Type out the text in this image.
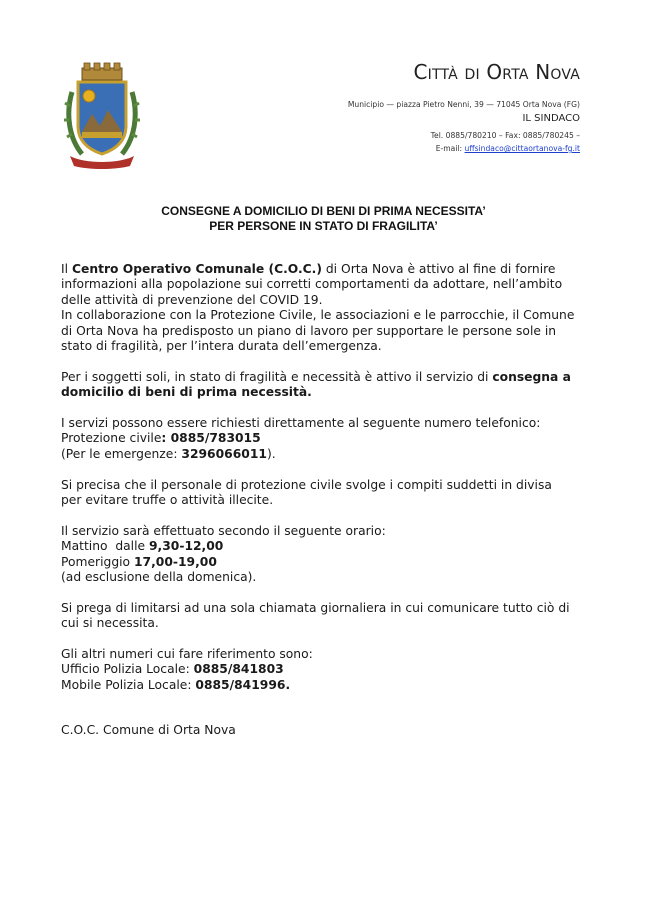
Città di Orta Nova
Municipio — piazza Pietro Nenni, 39 — 71045 Orta Nova (FG)
IL SINDACO
Tel. 0885/780210 – Fax: 0885/780245 –
E-mail: uffsindaco@cittaortanova-fg.it
CONSEGNE A DOMICILIO DI BENI DI PRIMA NECESSITA’
PER PERSONE IN STATO DI FRAGILITA’

Il Centro Operativo Comunale (C.O.C.) di Orta Nova è attivo al fine di fornire
informazioni alla popolazione sui corretti comportamenti da adottare, nell’ambito
delle attività di prevenzione del COVID 19.
In collaborazione con la Protezione Civile, le associazioni e le parrocchie, il Comune
di Orta Nova ha predisposto un piano di lavoro per supportare le persone sole in
stato di fragilità, per l’intera durata dell’emergenza.

Per i soggetti soli, in stato di fragilità e necessità è attivo il servizio di consegna a
domicilio di beni di prima necessità.

I servizi possono essere richiesti direttamente al seguente numero telefonico:
Protezione civile: 0885/783015
(Per le emergenze: 3296066011).

Si precisa che il personale di protezione civile svolge i compiti suddetti in divisa
per evitare truffe o attività illecite.

Il servizio sarà effettuato secondo il seguente orario:
Mattino  dalle 9,30-12,00
Pomeriggio 17,00-19,00
(ad esclusione della domenica).

Si prega di limitarsi ad una sola chiamata giornaliera in cui comunicare tutto ciò di
cui si necessita.

Gli altri numeri cui fare riferimento sono:
Ufficio Polizia Locale: 0885/841803
Mobile Polizia Locale: 0885/841996.

C.O.C. Comune di Orta Nova
